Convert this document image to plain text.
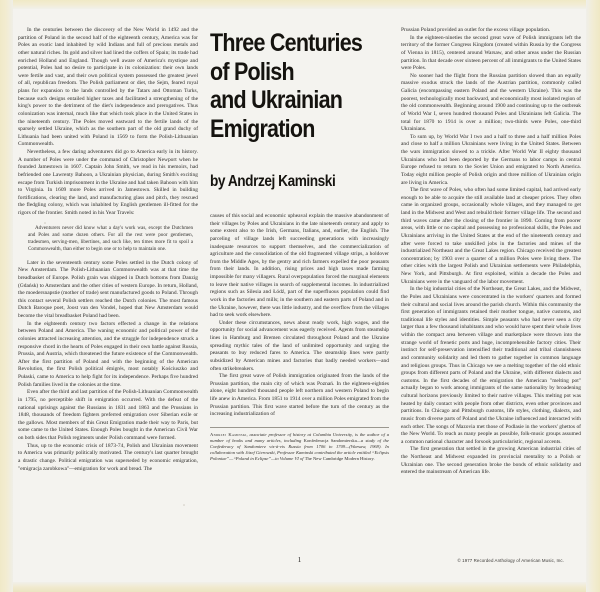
In the centuries between the discovery of the New World in 1492 and the partition of Poland in the second half of the eighteenth century, America was for Poles an exotic land inhabited by wild Indians and full of precious metals and other natural riches. Its gold and silver had lined the coffers of Spain; its trade had enriched Holland and England. Though well aware of America's mystique and potential, Poles had no desire to participate in its colonization: their own lands were fertile and vast, and their own political system possessed the greatest jewel of all, republican freedom. The Polish parliament or diet, the Sejm, feared royal plans for expansion to the lands controlled by the Tatars and Ottoman Turks, because such designs entailed higher taxes and facilitated a strengthening of the king's power to the detriment of the diet's independence and prerogatives. Thus colonization was internal, much like that which took place in the United States in the nineteenth century. The Poles moved eastward to the fertile lands of the sparsely settled Ukraine, which as the southern part of the old grand duchy of Lithuania had been united with Poland in 1569 to form the Polish-Lithuanian Commonwealth.

Nevertheless, a few daring adventurers did go to America early in its history. A number of Poles were under the command of Christopher Newport when he founded Jamestown in 1607. Captain John Smith, we read in his memoirs, had befriended one Lawrenty Bahoon, a Ukrainian physician, during Smith's exciting escape from Turkish imprisonment in the Ukraine and had taken Bahoon with him to Virginia. In 1609 more Poles arrived in Jamestown. Skilled in building fortifications, clearing the land, and manufacturing glass and pitch, they rescued the fledgling colony, which was inhabited by English gentlemen ill-fitted for the rigors of the frontier. Smith noted in his Year Travels:

Adventurers never did know what a day's work was, except the Dutchmen and Poles and some dozen others. For all the rest were poor gentlemen, tradesmen, serving-men, libertines, and such like, ten times more fit to spoil a Commonwealth, than either to begin one or to help to maintain one.

Later in the seventeenth century some Poles settled in the Dutch colony of New Amsterdam. The Polish-Lithuanian Commonwealth was at that time the breadbasket of Europe. Polish grain was shipped in Dutch bottoms from Danzig (Gdańsk) to Amsterdam and the other cities of western Europe. In return, Holland, the moedersnapstie (mother of trade) sent manufactured goods to Poland. Through this contact several Polish settlers reached the Dutch colonies. The most famous Dutch Baroque poet, Joost van den Vondel, hoped that New Amsterdam would become the vital breadbasket Poland had been.

In the eighteenth century two factors effected a change in the relations between Poland and America. The waning economic and political power of the colonies attracted increasing attention, and the struggle for independence struck a responsive chord in the hearts of Poles engaged in their own battle against Russia, Prussia, and Austria, which threatened the future existence of the Commonwealth. After the first partition of Poland and with the beginning of the American Revolution, the first Polish political émigrés, most notably Kościuszko and Pułaski, came to America to help fight for its independence. Perhaps five hundred Polish families lived in the colonies at the time.

Even after the third and last partition of the Polish-Lithuanian Commonwealth in 1795, no perceptible shift in emigration occurred. With the defeat of the national uprisings against the Russians in 1831 and 1863 and the Prussians in 1848, thousands of freedom fighters preferred emigration over Siberian exile or the gallows. Most members of this Great Emigration made their way to Paris, but some came to the United States. Enough Poles bought in the American Civil War on both sides that Polish regiments under Polish command were formed.

Thus, up to the economic crisis of 1873-74, Polish and Ukrainian movement to America was primarily politically motivated. The century's last quarter brought a drastic change. Political emigration was superseded by economic emigration, "emigracja zarobkowa"—emigration for work and bread. The

Three Centuries
of Polish
and Ukrainian
Emigration
by Andrzej Kaminski

causes of this social and economic upheaval explain the massive abandonment of their villages by Poles and Ukrainians in the late nineteenth century and apply to some extent also to the Irish, Germans, Italians, and, earlier, the English. The parceling of village lands left succeeding generations with increasingly inadequate resources to support themselves, and the commercialization of agriculture and the consolidation of the old fragmented village strips, a holdover from the Middle Ages, by the gentry and rich farmers expelled the poor peasants from their lands. In addition, rising prices and high taxes made farming impossible for many villagers. Rural overpopulation forced the marginal elements to leave their native villages in search of supplemental incomes. In industrialized regions such as Silesia and Łódź, part of the superfluous population could find work in the factories and mills; in the southern and eastern parts of Poland and in the Ukraine, however, there was little industry, and the overflow from the villages had to seek work elsewhere.

Under these circumstances, news about ready work, high wages, and the opportunity for social advancement was eagerly received. Agents from steamship lines in Hamburg and Bremen circulated throughout Poland and the Ukraine spreading mythic tales of the land of unlimited opportunity and urging the peasants to buy reduced fares to America. The steamship lines were partly subsidized by American mines and factories that badly needed workers—and often strikebreakers.

The first great wave of Polish immigration originated from the lands of the Prussian partition, the main city of which was Poznań. In the eighteen-eighties alone, eight hundred thousand people left northern and western Poland to begin life anew in America. From 1851 to 1914 over a million Poles emigrated from the Prussian partition. This first wave started before the turn of the century as the increasing industrialization of

Andrzej Kaminski, associate professor of history at Columbia University, is the author of a number of books and many articles, including Konfederacja Sandomierska—a study of the Confederacy of Sandomierz vis-à-vis Russia from 1706 to 1709—(Warsaw, 1969). In collaboration with Józef Gierowski, Professor Kaminski contributed the article entitled “Eclipsis Poloniae”—“Poland in Eclipse”—to Volume VI of The New Cambridge Modern History.

Prussian Poland provided an outlet for the excess village population.

In the eighteen-nineties the second great wave of Polish immigrants left the territory of the former Congress Kingdom (created within Russia by the Congress of Vienna in 1815), centered around Warsaw, and other areas under the Russian partition. In that decade over sixteen percent of all immigrants to the United States were Poles.

No sooner had the flight from the Russian partition slowed than an equally massive exodus struck the lands of the Austrian partition, commonly called Galicia (encompassing eastern Poland and the western Ukraine). This was the poorest, technologically most backward, and economically most isolated region of the old commonwealth. Beginning around 1900 and continuing up to the outbreak of World War I, seven hundred thousand Poles and Ukrainians left Galicia. The total for 1870 to 1914 is over a million; two-thirds were Poles, one-third Ukrainians.

To sum up, by World War I two and a half to three and a half million Poles and close to half a million Ukrainians were living in the United States. Between the wars immigration slowed to a trickle. After World War II eighty thousand Ukrainians who had been deported by the Germans to labor camps in central Europe refused to return to the Soviet Union and emigrated to North America. Today eight million people of Polish origin and three million of Ukrainian origin are living in America.

The first wave of Poles, who often had some limited capital, had arrived early enough to be able to acquire the still available land at cheaper prices. They often came in organized groups, occasionally whole villages, and they managed to get land in the Midwest and West and rebuild their former village life. The second and third waves came after the closing of the frontier in 1890. Coming from poorer areas, with little or no capital and possessing no professional skills, the Poles and Ukrainians arriving in the United States at the end of the nineteenth century and after were forced to take unskilled jobs in the factories and mines of the industrialized Northeast and the Great Lakes region. Chicago received the greatest concentration; by 1903 over a quarter of a million Poles were living there. The other cities with the largest Polish and Ukrainian settlements were Philadelphia, New York, and Pittsburgh. At first exploited, within a decade the Poles and Ukrainians were in the vanguard of the labor movement.

In the big industrial cities of the Northeast, the Great Lakes, and the Midwest, the Poles and Ukrainians were concentrated in the workers' quarters and formed their cultural and social lives around the parish church. Within this community the first generation of immigrants retained their mother tongue, native customs, and traditional life styles and identities. Simple peasants who had never seen a city larger than a few thousand inhabitants and who would have spent their whole lives within the compact area between village and marketplace were thrown into the strange world of frenetic ports and huge, incomprehensible factory cities. Their instinct for self-preservation intensified their traditional and tribal clannishness and community solidarity and led them to gather together in common language and religious groups. Thus in Chicago we see a melting together of the old ethnic groups from different parts of Poland and the Ukraine, with different dialects and customs. In the first decades of the emigration the American "melting pot" actually began to work among immigrants of the same nationality by broadening cultural horizons previously limited to their native villages. This melting pot was heated by daily contact with people from other districts, even other provinces and partitions. In Chicago and Pittsburgh customs, life styles, clothing, dialects, and music from diverse parts of Poland and the Ukraine influenced and interacted with each other. The songs of Mazovia met those of Podlasie in the workers' ghettos of the New World. To reach as many people as possible, folk-music groups assumed a common national character and forsook particularistic, regional accents.

The first generation that settled in the growing American industrial cities of the Northeast and Midwest expanded its provincial mentality to a Polish or Ukrainian one. The second generation broke the bonds of ethnic solidarity and entered the mainstream of American life.

1	© 1977 Recorded Anthology of American Music, Inc.
